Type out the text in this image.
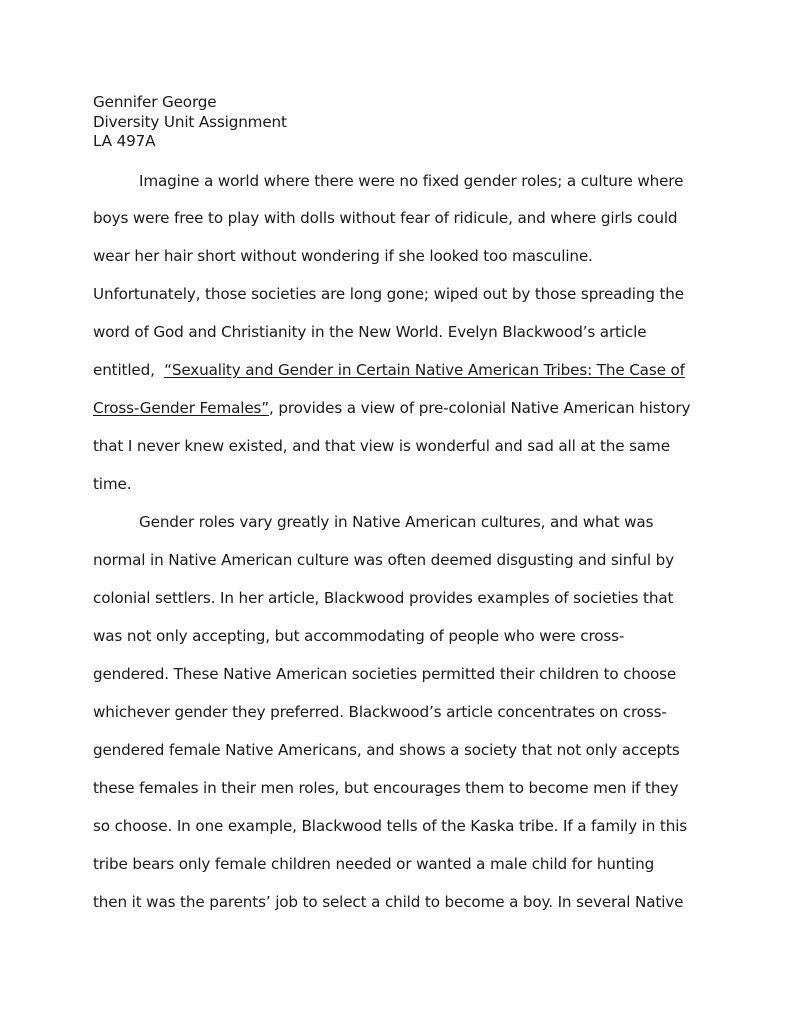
Gennifer George
Diversity Unit Assignment
LA 497A
Imagine a world where there were no fixed gender roles; a culture where
boys were free to play with dolls without fear of ridicule, and where girls could
wear her hair short without wondering if she looked too masculine.
Unfortunately, those societies are long gone; wiped out by those spreading the
word of God and Christianity in the New World. Evelyn Blackwood’s article
entitled,  “Sexuality and Gender in Certain Native American Tribes: The Case of
Cross-Gender Females”, provides a view of pre-colonial Native American history
that I never knew existed, and that view is wonderful and sad all at the same
time.
Gender roles vary greatly in Native American cultures, and what was
normal in Native American culture was often deemed disgusting and sinful by
colonial settlers. In her article, Blackwood provides examples of societies that
was not only accepting, but accommodating of people who were cross-
gendered. These Native American societies permitted their children to choose
whichever gender they preferred. Blackwood’s article concentrates on cross-
gendered female Native Americans, and shows a society that not only accepts
these females in their men roles, but encourages them to become men if they
so choose. In one example, Blackwood tells of the Kaska tribe. If a family in this
tribe bears only female children needed or wanted a male child for hunting
then it was the parents’ job to select a child to become a boy. In several Native
